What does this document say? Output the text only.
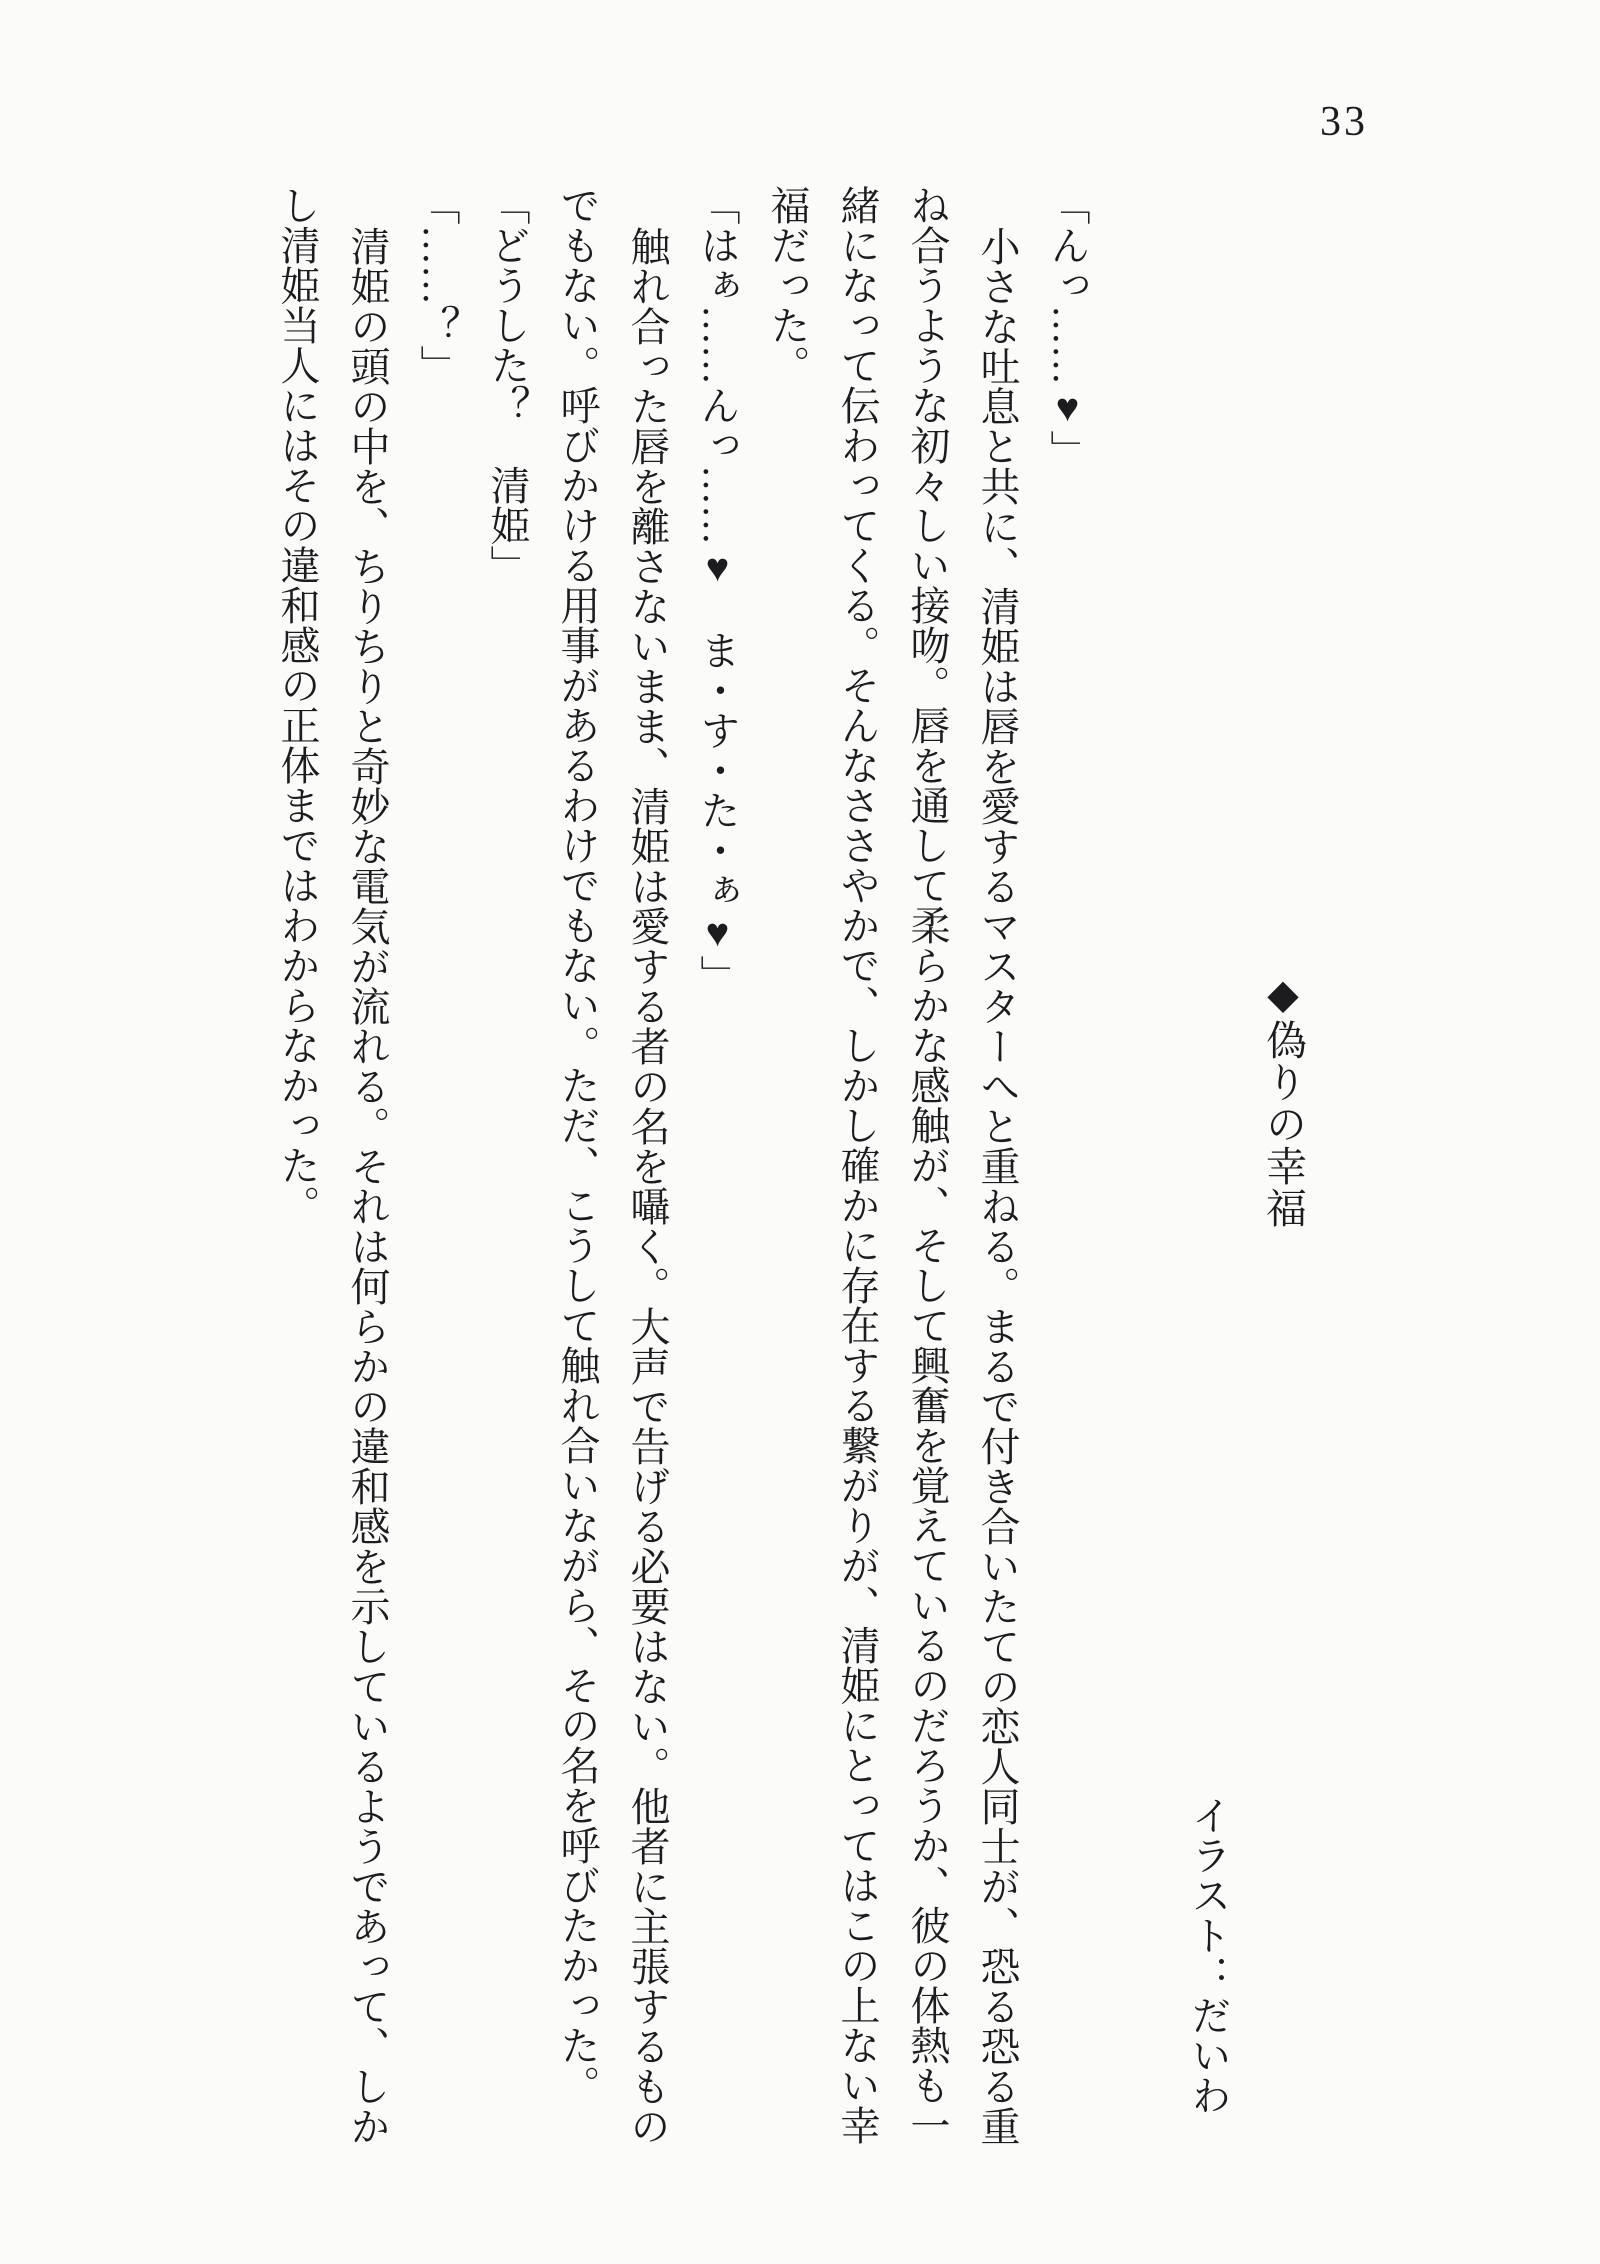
33
◆偽りの幸福
イラスト：だいわ

「んっ……♥」

小さな吐息と共に、清姫は唇を愛するマスターへと重ねる。まるで付き合いたての恋人同士が、恐る恐る重

ね合うような初々しい接吻。唇を通して柔らかな感触が、そして興奮を覚えているのだろうか、彼の体熱も一

緒になって伝わってくる。そんなささやかで、しかし確かに存在する繋がりが、清姫にとってはこの上ない幸

福だった。

「はぁ……んっ……♥　ま・す・た・ぁ♥」

触れ合った唇を離さないまま、清姫は愛する者の名を囁く。大声で告げる必要はない。他者に主張するもの

でもない。呼びかける用事があるわけでもない。ただ、こうして触れ合いながら、その名を呼びたかった。

「どうした？　清姫」

「……？」

清姫の頭の中を、ちりちりと奇妙な電気が流れる。それは何らかの違和感を示しているようであって、しか

し清姫当人にはその違和感の正体まではわからなかった。
